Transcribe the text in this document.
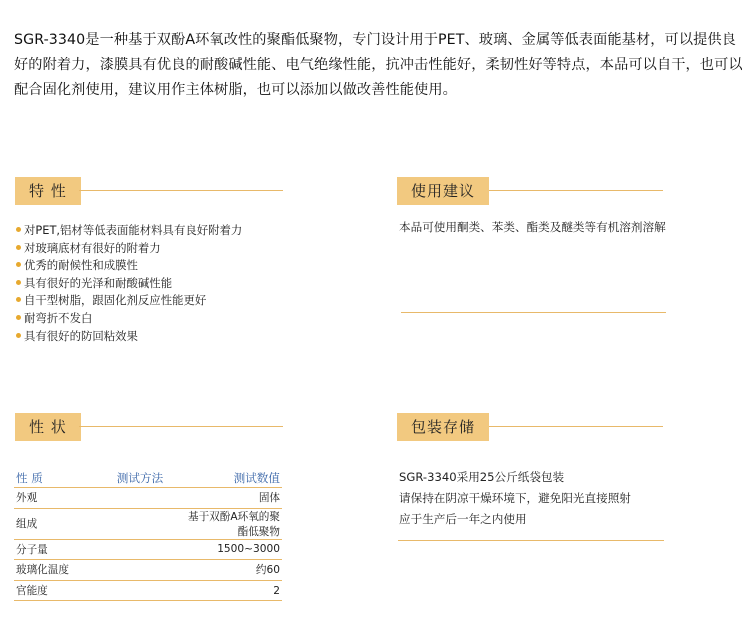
SGR-3340是一种基于双酚A环氧改性的聚酯低聚物，专门设计用于PET、玻璃、金属等低表面能基材，可以提供良好的附着力，漆膜具有优良的耐酸碱性能、电气绝缘性能，抗冲击性能好，柔韧性好等特点，本品可以自干，也可以配合固化剂使用，建议用作主体树脂，也可以添加以做改善性能使用。
特 性
对PET,铝材等低表面能材料具有良好附着力
对玻璃底材有很好的附着力
优秀的耐候性和成膜性
具有很好的光泽和耐酸碱性能
自干型树脂，跟固化剂反应性能更好
耐弯折不发白
具有很好的防回粘效果
使用建议
本品可使用酮类、苯类、酯类及醚类等有机溶剂溶解
性 状
性 质	测试方法	测试数值
外观		固体
组成		基于双酚A环氧的聚酯低聚物
分子量		1500~3000
玻璃化温度		约60
官能度		2
包装存储
SGR-3340采用25公斤纸袋包装
请保持在阴凉干燥环境下，避免阳光直接照射
应于生产后一年之内使用
